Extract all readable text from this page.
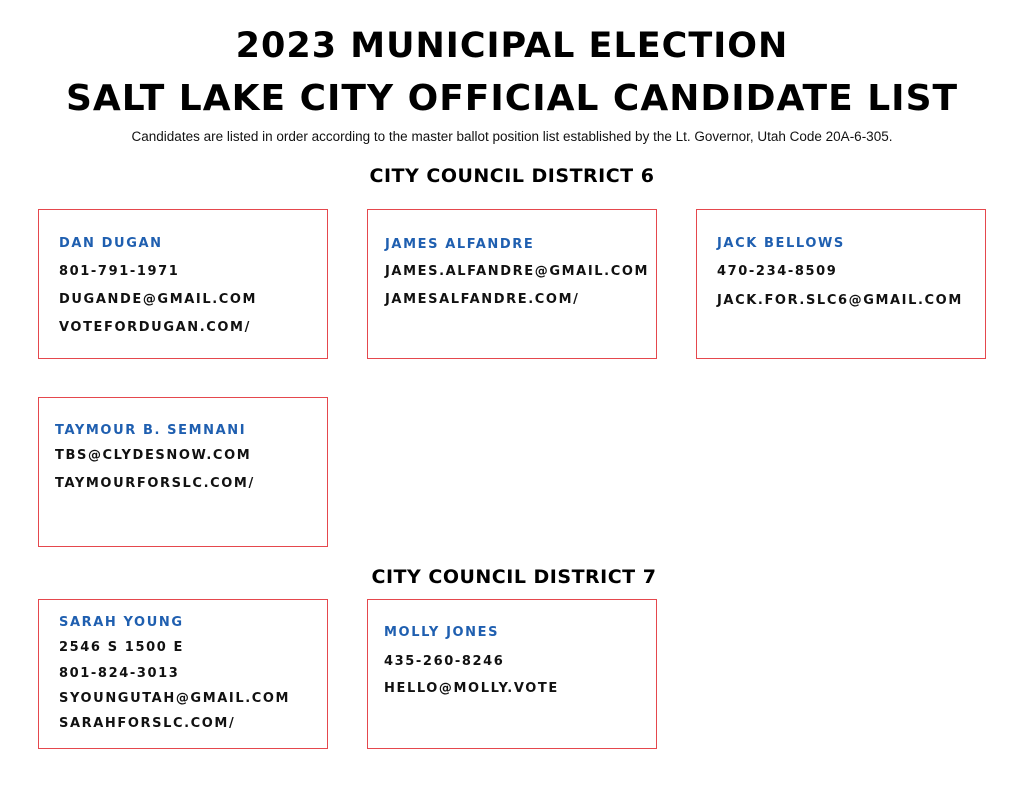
2023 MUNICIPAL ELECTION
SALT LAKE CITY OFFICIAL CANDIDATE LIST
Candidates are listed in order according to the master ballot position list established by the Lt. Governor, Utah Code 20A-6-305.
CITY COUNCIL DISTRICT 6
DAN DUGAN
801-791-1971
DUGANDE@GMAIL.COM
VOTEFORDUGAN.COM/
JAMES ALFANDRE
JAMES.ALFANDRE@GMAIL.COM
JAMESALFANDRE.COM/
JACK BELLOWS
470-234-8509
JACK.FOR.SLC6@GMAIL.COM
TAYMOUR B. SEMNANI
TBS@CLYDESNOW.COM
TAYMOURFORSLC.COM/
CITY COUNCIL DISTRICT 7
SARAH YOUNG
2546 S 1500 E
801-824-3013
SYOUNGUTAH@GMAIL.COM
SARAHFORSLC.COM/
MOLLY JONES
435-260-8246
HELLO@MOLLY.VOTE
